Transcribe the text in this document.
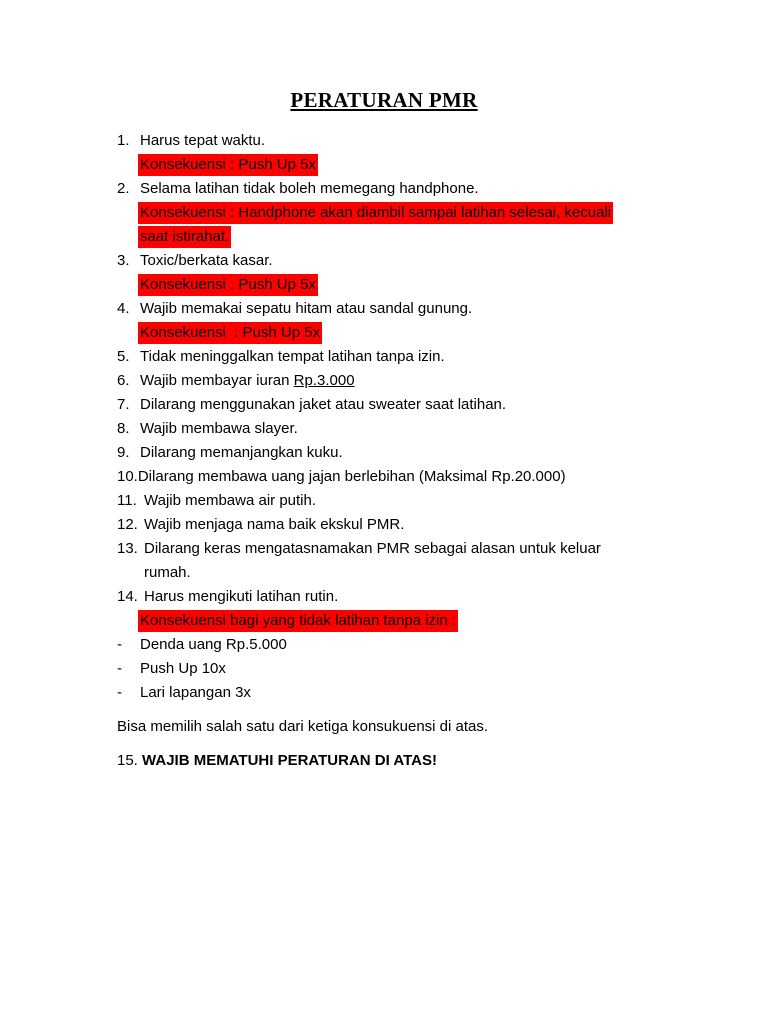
PERATURAN PMR
1. Harus tepat waktu.
Konsekuensi : Push Up 5x
2. Selama latihan tidak boleh memegang handphone.
Konsekuensi : Handphone akan diambil sampai latihan selesai, kecuali
saat istirahat.
3. Toxic/berkata kasar.
Konsekuensi : Push Up 5x
4. Wajib memakai sepatu hitam atau sandal gunung.
Konsekuensi  : Push Up 5x
5. Tidak meninggalkan tempat latihan tanpa izin.
6. Wajib membayar iuran Rp.3.000
7. Dilarang menggunakan jaket atau sweater saat latihan.
8. Wajib membawa slayer.
9. Dilarang memanjangkan kuku.
10.Dilarang membawa uang jajan berlebihan (Maksimal Rp.20.000)
11. Wajib membawa air putih.
12. Wajib menjaga nama baik ekskul PMR.
13. Dilarang keras mengatasnamakan PMR sebagai alasan untuk keluar
rumah.
14. Harus mengikuti latihan rutin.
Konsekuensi bagi yang tidak latihan tanpa izin :
- Denda uang Rp.5.000
- Push Up 10x
- Lari lapangan 3x
Bisa memilih salah satu dari ketiga konsukuensi di atas.
15. WAJIB MEMATUHI PERATURAN DI ATAS!
